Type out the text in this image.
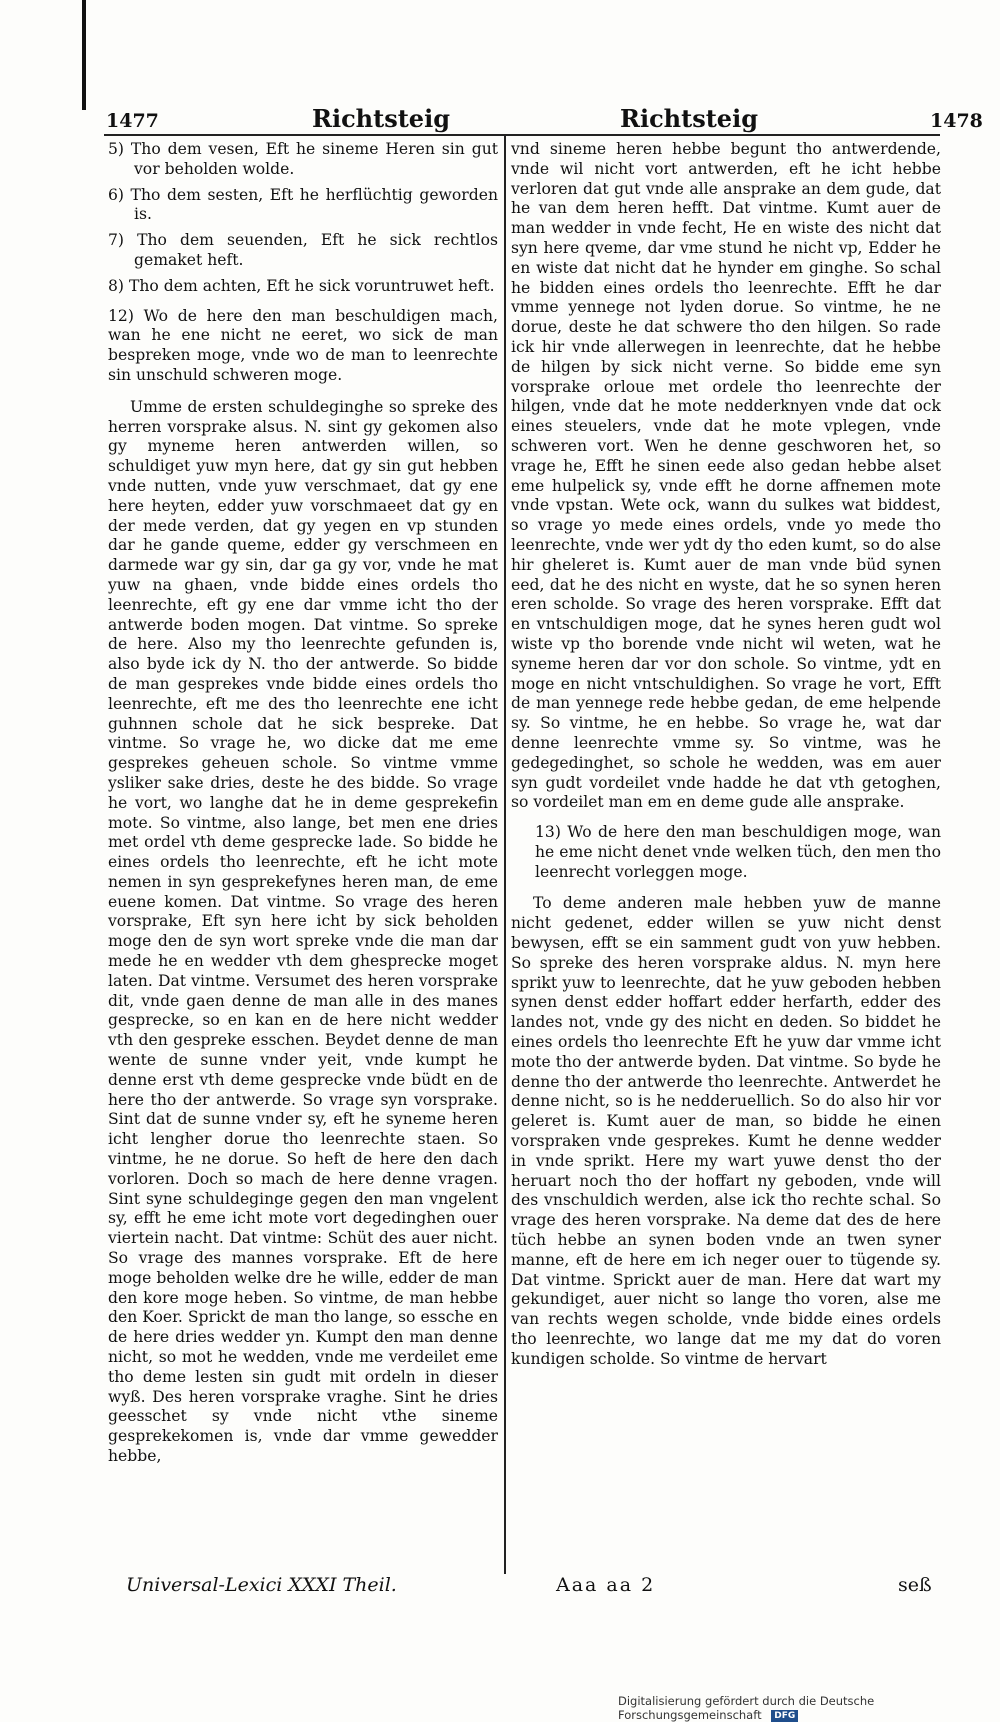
1477	Richtsteig	Richtsteig	1478

5) Tho dem vesen, Eft he sineme Heren sin gut vor beholden wolde.

6) Tho dem sesten, Eft he herflüchtig geworden is.

7) Tho dem seuenden, Eft he sick rechtlos gemaket heft.

8) Tho dem achten, Eft he sick voruntruwet heft.

12) Wo de here den man beschuldigen mach, wan he ene nicht ne eeret, wo sick de man bespreken moge, vnde wo de man to leenrechte sin unschuld schweren moge.

Umme de ersten schuldeginghe so spreke des herren vorsprake alsus. N. sint gy gekomen also gy myneme heren antwerden willen, so schuldiget yuw myn here, dat gy sin gut hebben vnde nutten, vnde yuw verschmaet, dat gy ene here heyten, edder yuw vorschmaeet dat gy en der mede verden, dat gy yegen en vp stunden dar he gande queme, edder gy verschmeen en darmede war gy sin, dar ga gy vor, vnde he mat yuw na ghaen, vnde bidde eines ordels tho leenrechte, eft gy ene dar vmme icht tho der antwerde boden mogen. Dat vintme. So spreke de here. Also my tho leenrechte gefunden is, also byde ick dy N. tho der antwerde. So bidde de man gesprekes vnde bidde eines ordels tho leenrechte, eft me des tho leenrechte ene icht guhnnen schole dat he sick bespreke. Dat vintme. So vrage he, wo dicke dat me eme gesprekes geheuen schole. So vintme vmme ysliker sake dries, deste he des bidde. So vrage he vort, wo langhe dat he in deme gesprekefin mote. So vintme, also lange, bet men ene dries met ordel vth deme gesprecke lade. So bidde he eines ordels tho leenrechte, eft he icht mote nemen in syn gesprekefynes heren man, de eme euene komen. Dat vintme. So vrage des heren vorsprake, Eft syn here icht by sick beholden moge den de syn wort spreke vnde die man dar mede he en wedder vth dem ghesprecke moget laten. Dat vintme. Versumet des heren vorsprake dit, vnde gaen denne de man alle in des manes gesprecke, so en kan en de here nicht wedder vth den gespreke esschen. Beydet denne de man wente de sunne vnder yeit, vnde kumpt he denne erst vth deme gesprecke vnde büdt en de here tho der antwerde. So vrage syn vorsprake. Sint dat de sunne vnder sy, eft he syneme heren icht lengher dorue tho leenrechte staen. So vintme, he ne dorue. So heft de here den dach vorloren. Doch so mach de here denne vragen. Sint syne schuldeginge gegen den man vngelent sy, efft he eme icht mote vort degedinghen ouer viertein nacht. Dat vintme: Schüt des auer nicht. So vrage des mannes vorsprake. Eft de here moge beholden welke dre he wille, edder de man den kore moge heben. So vintme, de man hebbe den Koer. Sprickt de man tho lange, so essche en de here dries wedder yn. Kumpt den man denne nicht, so mot he wedden, vnde me verdeilet eme tho deme lesten sin gudt mit ordeln in dieser wyß. Des heren vorsprake vraghe. Sint he dries geesschet sy vnde nicht vthe sineme gesprekekomen is, vnde dar vmme gewedder hebbe,

vnd sineme heren hebbe begunt tho antwerdende, vnde wil nicht vort antwerden, eft he icht hebbe verloren dat gut vnde alle ansprake an dem gude, dat he van dem heren hefft. Dat vintme. Kumt auer de man wedder in vnde fecht, He en wiste des nicht dat syn here qveme, dar vme stund he nicht vp, Edder he en wiste dat nicht dat he hynder em ginghe. So schal he bidden eines ordels tho leenrechte. Efft he dar vmme yennege not lyden dorue. So vintme, he ne dorue, deste he dat schwere tho den hilgen. So rade ick hir vnde allerwegen in leenrechte, dat he hebbe de hilgen by sick nicht verne. So bidde eme syn vorsprake orloue met ordele tho leenrechte der hilgen, vnde dat he mote nedderknyen vnde dat ock eines steuelers, vnde dat he mote vplegen, vnde schweren vort. Wen he denne geschworen het, so vrage he, Efft he sinen eede also gedan hebbe alset eme hulpelick sy, vnde efft he dorne affnemen mote vnde vpstan. Wete ock, wann du sulkes wat biddest, so vrage yo mede eines ordels, vnde yo mede tho leenrechte, vnde wer ydt dy tho eden kumt, so do alse hir gheleret is. Kumt auer de man vnde büd synen eed, dat he des nicht en wyste, dat he so synen heren eren scholde. So vrage des heren vorsprake. Efft dat en vntschuldigen moge, dat he synes heren gudt wol wiste vp tho borende vnde nicht wil weten, wat he syneme heren dar vor don schole. So vintme, ydt en moge en nicht vntschuldighen. So vrage he vort, Efft de man yennege rede hebbe gedan, de eme helpende sy. So vintme, he en hebbe. So vrage he, wat dar denne leenrechte vmme sy. So vintme, was he gedegedinghet, so schole he wedden, was em auer syn gudt vordeilet vnde hadde he dat vth getoghen, so vordeilet man em en deme gude alle ansprake.

13) Wo de here den man beschuldigen moge, wan he eme nicht denet vnde welken tüch, den men tho leenrecht vorleggen moge.

To deme anderen male hebben yuw de manne nicht gedenet, edder willen se yuw nicht denst bewysen, efft se ein samment gudt von yuw hebben. So spreke des heren vorsprake aldus. N. myn here sprikt yuw to leenrechte, dat he yuw geboden hebben synen denst edder hoffart edder herfarth, edder des landes not, vnde gy des nicht en deden. So biddet he eines ordels tho leenrechte Eft he yuw dar vmme icht mote tho der antwerde byden. Dat vintme. So byde he denne tho der antwerde tho leenrechte. Antwerdet he denne nicht, so is he nedderuellich. So do also hir vor geleret is. Kumt auer de man, so bidde he einen vorspraken vnde gesprekes. Kumt he denne wedder in vnde sprikt. Here my wart yuwe denst tho der heruart noch tho der hoffart ny geboden, vnde will des vnschuldich werden, alse ick tho rechte schal. So vrage des heren vorsprake. Na deme dat des de here tüch hebbe an synen boden vnde an twen syner manne, eft de here em ich neger ouer to tügende sy. Dat vintme. Sprickt auer de man. Here dat wart my gekundiget, auer nicht so lange tho voren, alse me van rechts wegen scholde, vnde bidde eines ordels tho leenrechte, wo lange dat me my dat do voren kundigen scholde. So vintme de hervart

Universal-Lexici XXXI Theil.	Aaa aa 2	seß
Digitalisierung gefördert durch die Deutsche Forschungsgemeinschaft DFG
